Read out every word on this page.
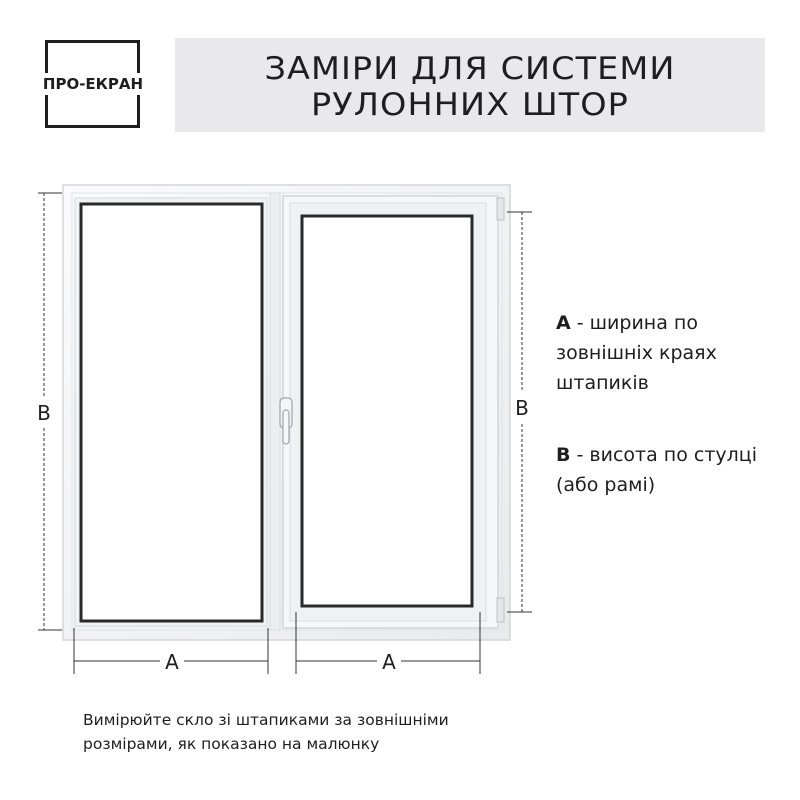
ПРО-ЕКРАН	ЗАМІРИ ДЛЯ СИСТЕМИ
РУЛОННИХ ШТОР
B	B
A	A
A - ширина по зовнішніх краях штапиків
B - висота по стулці (або рамі)
Вимірюйте скло зі штапиками за зовнішніми розмірами, як показано на малюнку
